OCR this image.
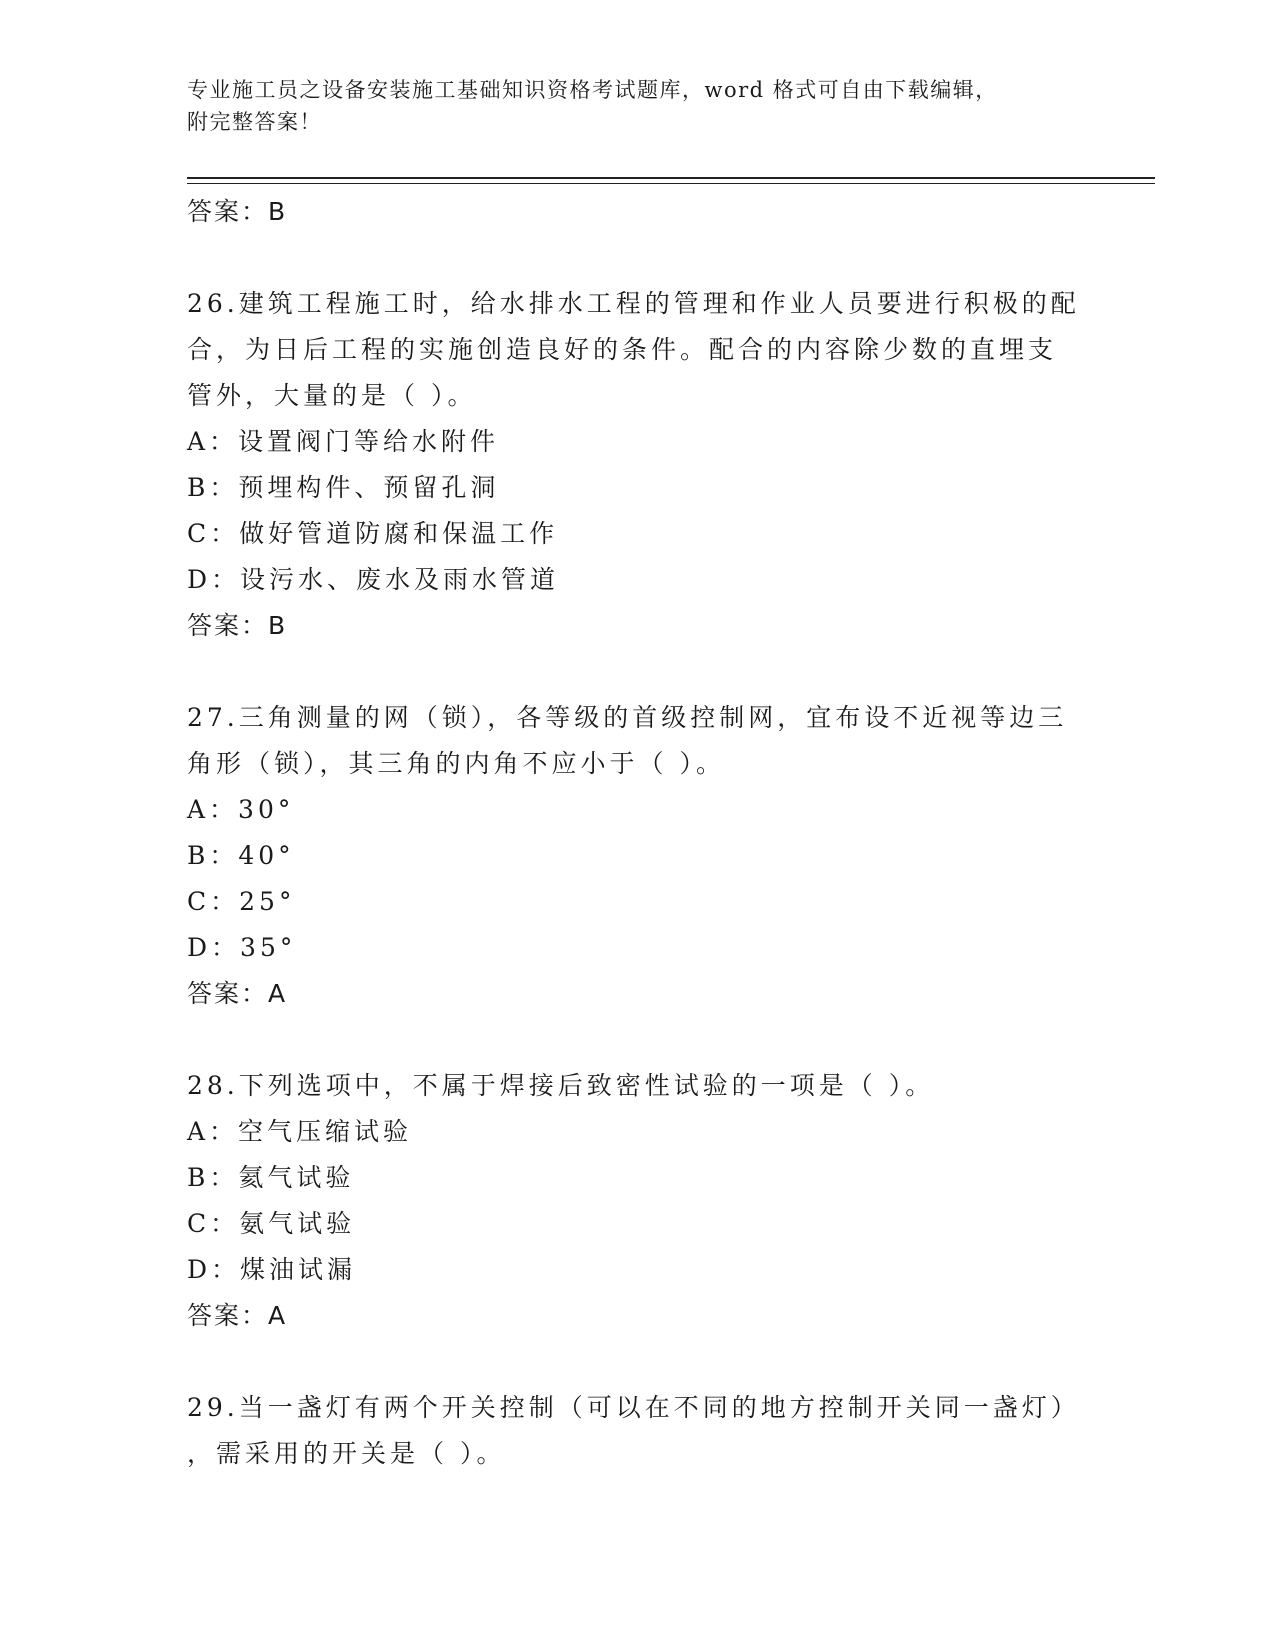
专业施工员之设备安装施工基础知识资格考试题库，word 格式可自由下载编辑，
附完整答案！
答案：B
26.建筑工程施工时，给水排水工程的管理和作业人员要进行积极的配
合，为日后工程的实施创造良好的条件。配合的内容除少数的直埋支
管外，大量的是（ ）。
A：设置阀门等给水附件
B：预埋构件、预留孔洞
C：做好管道防腐和保温工作
D：设污水、废水及雨水管道
答案：B
27.三角测量的网（锁），各等级的首级控制网，宜布设不近视等边三
角形（锁），其三角的内角不应小于（ ）。
A：30°
B：40°
C：25°
D：35°
答案：A
28.下列选项中，不属于焊接后致密性试验的一项是（ ）。
A：空气压缩试验
B：氦气试验
C：氨气试验
D：煤油试漏
答案：A
29.当一盏灯有两个开关控制（可以在不同的地方控制开关同一盏灯）
，需采用的开关是（ ）。
